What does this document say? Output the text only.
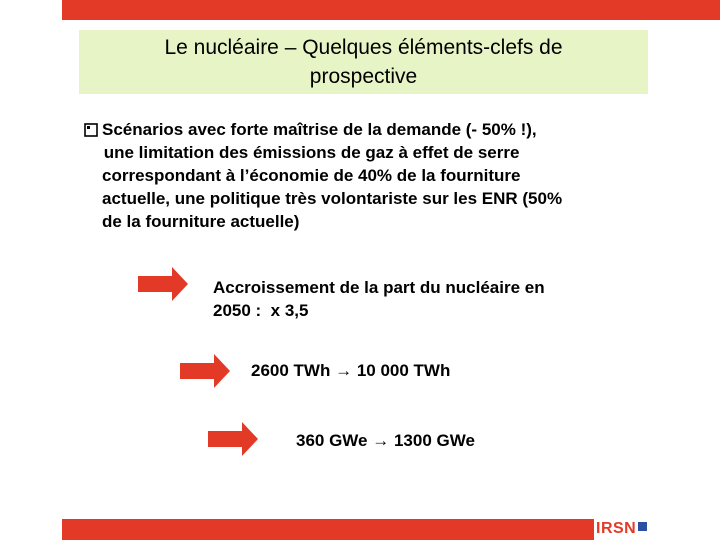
Le nucléaire – Quelques éléments-clefs de
prospective
Scénarios avec forte maîtrise de la demande (- 50% !),
une limitation des émissions de gaz à effet de serre
correspondant à l’économie de 40% de la fourniture
actuelle, une politique très volontariste sur les ENR (50%
de la fourniture actuelle)
Accroissement de la part du nucléaire en
2050 :  x 3,5
2600 TWh → 10 000 TWh
360 GWe → 1300 GWe
IRSN
